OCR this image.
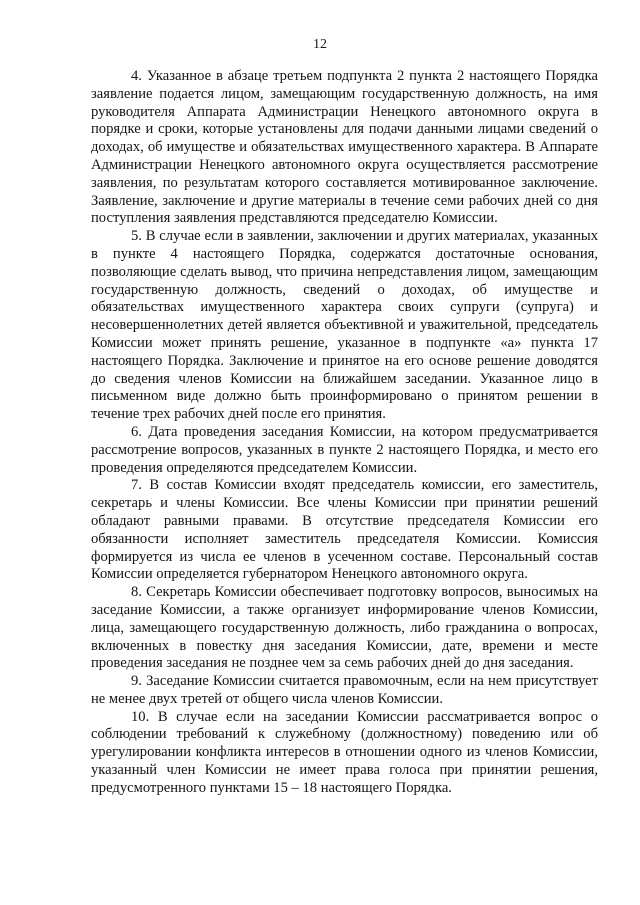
12

4. Указанное в абзаце третьем подпункта 2 пункта 2 настоящего Порядка заявление подается лицом, замещающим государственную должность, на имя руководителя Аппарата Администрации Ненецкого автономного округа в порядке и сроки, которые установлены для подачи данными лицами сведений о доходах, об имуществе и обязательствах имущественного характера. В Аппарате Администрации Ненецкого автономного округа осуществляется рассмотрение заявления, по результатам которого составляется мотивированное заключение. Заявление, заключение и другие материалы в течение семи рабочих дней со дня поступления заявления представляются председателю Комиссии.

5. В случае если в заявлении, заключении и других материалах, указанных в пункте 4 настоящего Порядка, содержатся достаточные основания, позволяющие сделать вывод, что причина непредставления лицом, замещающим государственную должность, сведений о доходах, об имуществе и обязательствах имущественного характера своих супруги (супруга) и несовершеннолетних детей является объективной и уважительной, председатель Комиссии может принять решение, указанное в подпункте «а» пункта 17 настоящего Порядка. Заключение и принятое на его основе решение доводятся до сведения членов Комиссии на ближайшем заседании. Указанное лицо в письменном виде должно быть проинформировано о принятом решении в течение трех рабочих дней после его принятия.

6. Дата проведения заседания Комиссии, на котором предусматривается рассмотрение вопросов, указанных в пункте 2 настоящего Порядка, и место его проведения определяются председателем Комиссии.

7. В состав Комиссии входят председатель комиссии, его заместитель, секретарь и члены Комиссии. Все члены Комиссии при принятии решений обладают равными правами. В отсутствие председателя Комиссии его обязанности исполняет заместитель председателя Комиссии. Комиссия формируется из числа ее членов в усеченном составе. Персональный состав Комиссии определяется губернатором Ненецкого автономного округа.

8. Секретарь Комиссии обеспечивает подготовку вопросов, выносимых на заседание Комиссии, а также организует информирование членов Комиссии, лица, замещающего государственную должность, либо гражданина о вопросах, включенных в повестку дня заседания Комиссии, дате, времени и месте проведения заседания не позднее чем за семь рабочих дней до дня заседания.

9. Заседание Комиссии считается правомочным, если на нем присутствует не менее двух третей от общего числа членов Комиссии.

10. В случае если на заседании Комиссии рассматривается вопрос о соблюдении требований к служебному (должностному) поведению или об урегулировании конфликта интересов в отношении одного из членов Комиссии, указанный член Комиссии не имеет права голоса при принятии решения, предусмотренного пунктами 15 – 18 настоящего Порядка.
